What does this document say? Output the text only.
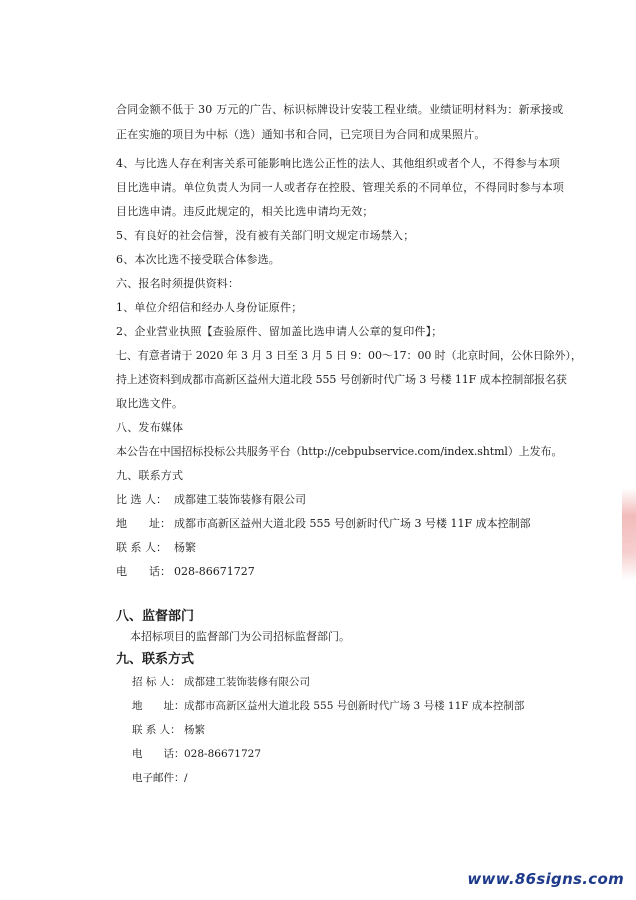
合同金额不低于 30 万元的广告、标识标牌设计安装工程业绩。业绩证明材料为：新承接或
正在实施的项目为中标（选）通知书和合同，已完项目为合同和成果照片。
4、与比选人存在利害关系可能影响比选公正性的法人、其他组织或者个人，不得参与本项
目比选申请。单位负责人为同一人或者存在控股、管理关系的不同单位，不得同时参与本项
目比选申请。违反此规定的，相关比选申请均无效；
5、有良好的社会信誉，没有被有关部门明文规定市场禁入；
6、本次比选不接受联合体参选。
六、报名时须提供资料：
1、单位介绍信和经办人身份证原件；
2、企业营业执照【查验原件、留加盖比选申请人公章的复印件】；
七、有意者请于 2020 年 3 月 3 日至 3 月 5 日 9：00～17：00 时（北京时间，公休日除外），
持上述资料到成都市高新区益州大道北段 555 号创新时代广场 3 号楼 11F 成本控制部报名获
取比选文件。
八、发布媒体
本公告在中国招标投标公共服务平台（http://cebpubservice.com/index.shtml）上发布。
九、联系方式
比 选 人： 成都建工装饰装修有限公司
地　　址： 成都市高新区益州大道北段 555 号创新时代广场 3 号楼 11F 成本控制部
联 系 人： 杨繁
电　　话： 028-86671727
八、监督部门
本招标项目的监督部门为公司招标监督部门。
九、联系方式
招 标 人： 成都建工装饰装修有限公司
地　　址：成都市高新区益州大道北段 555 号创新时代广场 3 号楼 11F 成本控制部
联 系 人： 杨繁
电　　话：028-86671727
电子邮件：/
www.86signs.com
